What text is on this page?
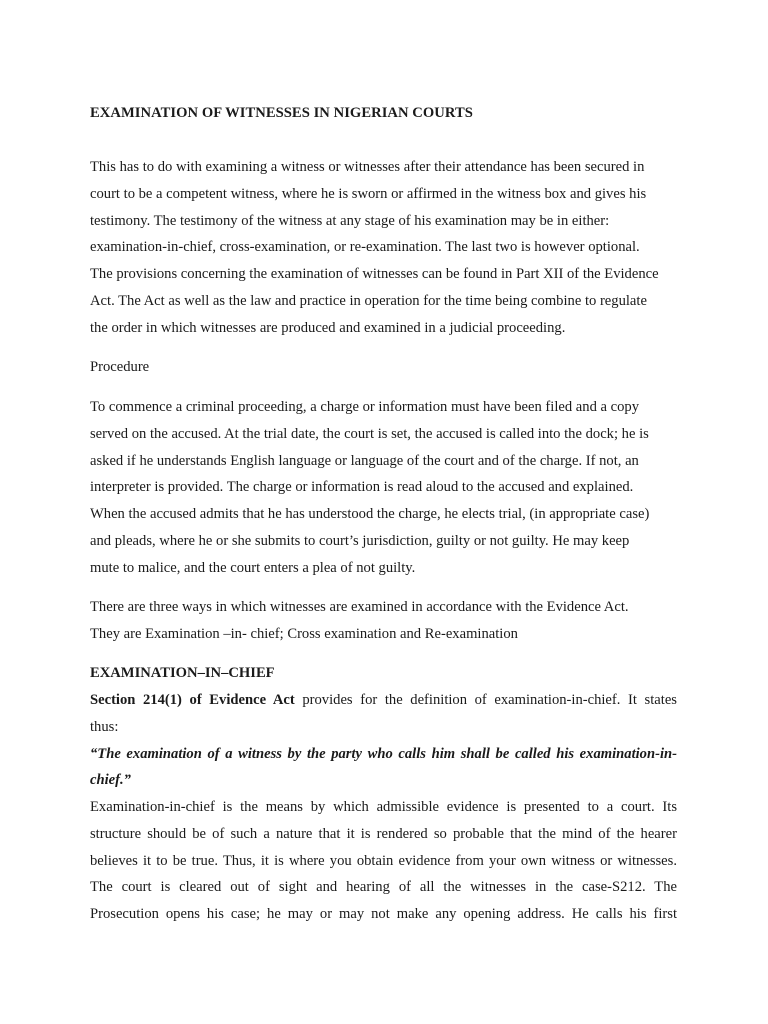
EXAMINATION OF WITNESSES IN NIGERIAN COURTS
This has to do with examining a witness or witnesses after their attendance has been secured in
court to be a competent witness, where he is sworn or affirmed in the witness box and gives his
testimony. The testimony of the witness at any stage of his examination may be in either:
examination-in-chief, cross-examination, or re-examination. The last two is however optional.
The provisions concerning the examination of witnesses can be found in Part XII of the Evidence
Act. The Act as well as the law and practice in operation for the time being combine to regulate
the order in which witnesses are produced and examined in a judicial proceeding.

Procedure

To commence a criminal proceeding, a charge or information must have been filed and a copy
served on the accused. At the trial date, the court is set, the accused is called into the dock; he is
asked if he understands English language or language of the court and of the charge. If not, an
interpreter is provided. The charge or information is read aloud to the accused and explained.
When the accused admits that he has understood the charge, he elects trial, (in appropriate case)
and pleads, where he or she submits to court’s jurisdiction, guilty or not guilty. He may keep
mute to malice, and the court enters a plea of not guilty.
There are three ways in which witnesses are examined in accordance with the Evidence Act.
They are Examination –in- chief; Cross examination and Re-examination

EXAMINATION–IN–CHIEF

Section 214(1) of Evidence Act provides for the definition of examination-in-chief. It states
thus:
“The examination of a witness by the party who calls him shall be called his examination-in-
chief.”
Examination-in-chief is the means by which admissible evidence is presented to a court. Its
structure should be of such a nature that it is rendered so probable that the mind of the hearer
believes it to be true. Thus, it is where you obtain evidence from your own witness or witnesses.
The court is cleared out of sight and hearing of all the witnesses in the case-S212. The
Prosecution opens his case; he may or may not make any opening address. He calls his first
